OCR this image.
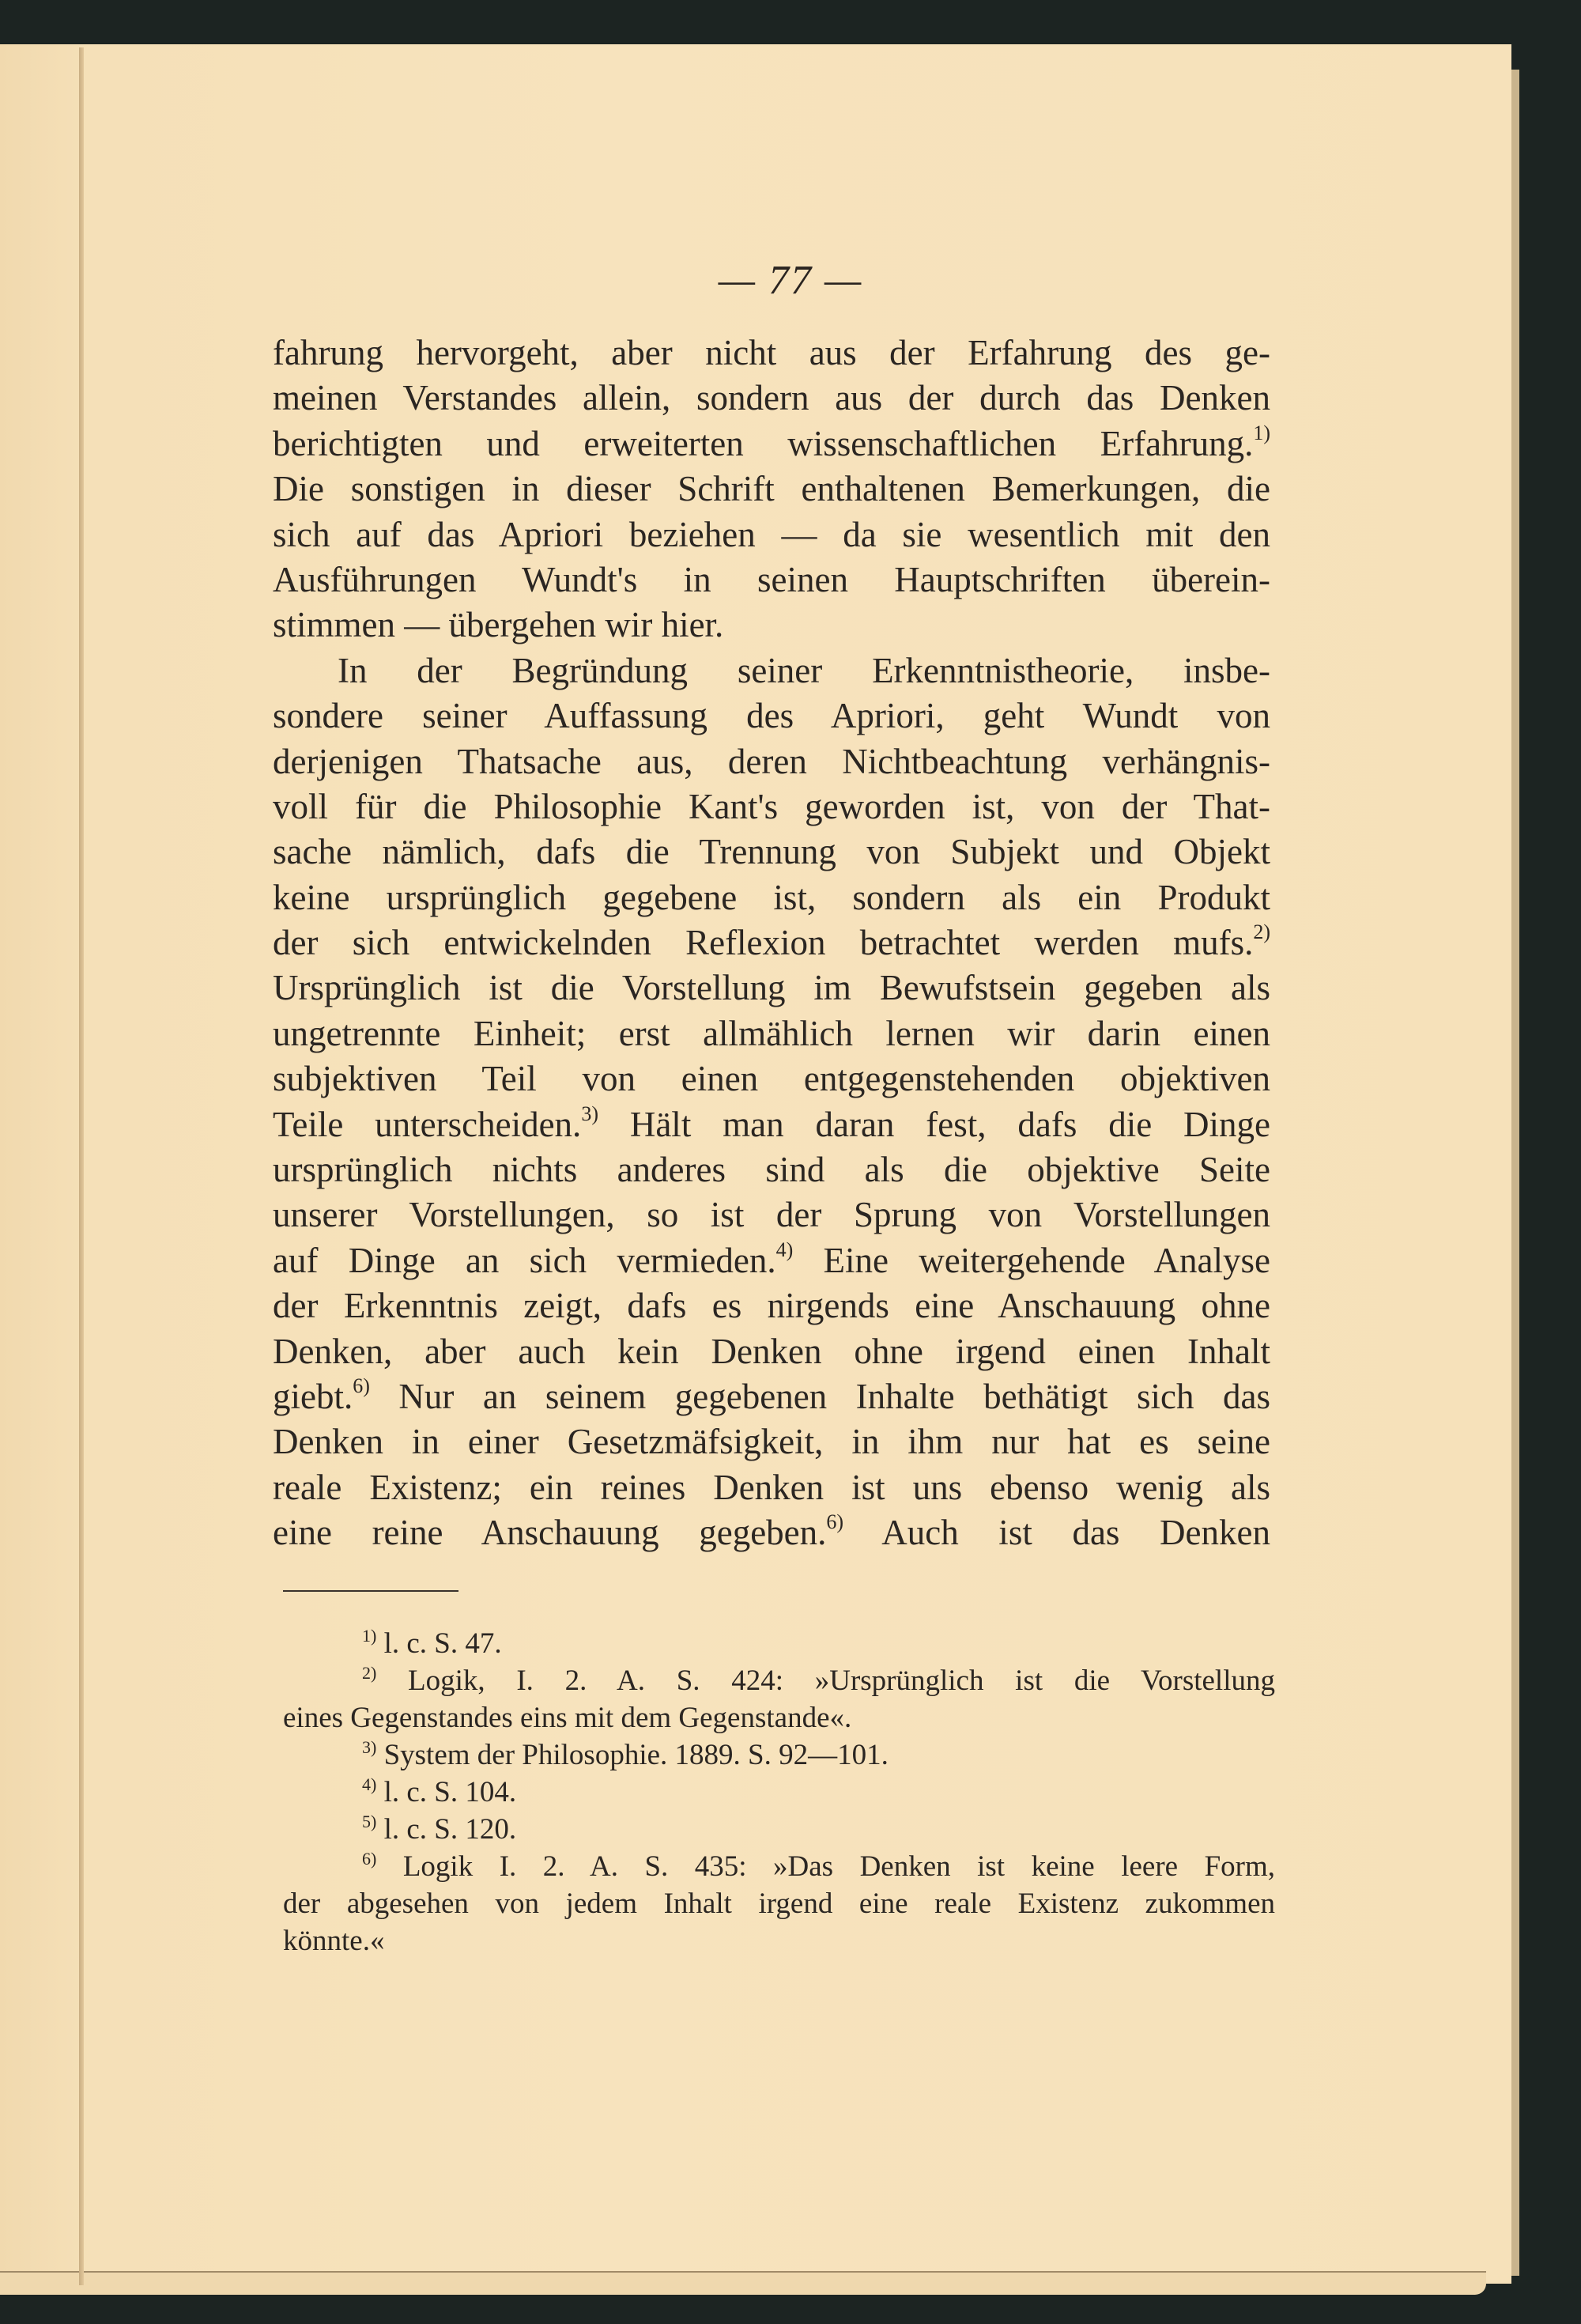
— 77 —
fahrung hervorgeht, aber nicht aus der Erfahrung des ge-
meinen Verstandes allein, sondern aus der durch das Denken
berichtigten und erweiterten wissenschaftlichen Erfahrung.$^{1)}$
Die sonstigen in dieser Schrift enthaltenen Bemerkungen, die
sich auf das Apriori beziehen — da sie wesentlich mit den
Ausführungen Wundt's in seinen Hauptschriften überein-
stimmen — übergehen wir hier.
In der Begründung seiner Erkenntnistheorie, insbe-
sondere seiner Auffassung des Apriori, geht Wundt von
derjenigen Thatsache aus, deren Nichtbeachtung verhängnis-
voll für die Philosophie Kant's geworden ist, von der That-
sache nämlich, dafs die Trennung von Subjekt und Objekt
keine ursprünglich gegebene ist, sondern als ein Produkt
der sich entwickelnden Reflexion betrachtet werden mufs.$^{2)}$
Ursprünglich ist die Vorstellung im Bewufstsein gegeben als
ungetrennte Einheit; erst allmählich lernen wir darin einen
subjektiven Teil von einen entgegenstehenden objektiven
Teile unterscheiden.$^{3)}$ Hält man daran fest, dafs die Dinge
ursprünglich nichts anderes sind als die objektive Seite
unserer Vorstellungen, so ist der Sprung von Vorstellungen
auf Dinge an sich vermieden.$^{4)}$ Eine weitergehende Analyse
der Erkenntnis zeigt, dafs es nirgends eine Anschauung ohne
Denken, aber auch kein Denken ohne irgend einen Inhalt
giebt.$^{6)}$ Nur an seinem gegebenen Inhalte bethätigt sich das
Denken in einer Gesetzmäfsigkeit, in ihm nur hat es seine
reale Existenz; ein reines Denken ist uns ebenso wenig als
eine reine Anschauung gegeben.$^{6)}$ Auch ist das Denken
$^{1)}$ l. c. S. 47.
$^{2)}$ Logik, I. 2. A. S. 424: »Ursprünglich ist die Vorstellung
eines Gegenstandes eins mit dem Gegenstande«.
$^{3)}$ System der Philosophie. 1889. S. 92—101.
$^{4)}$ l. c. S. 104.
$^{5)}$ l. c. S. 120.
$^{6)}$ Logik I. 2. A. S. 435: »Das Denken ist keine leere Form,
der abgesehen von jedem Inhalt irgend eine reale Existenz zukommen
könnte.«
